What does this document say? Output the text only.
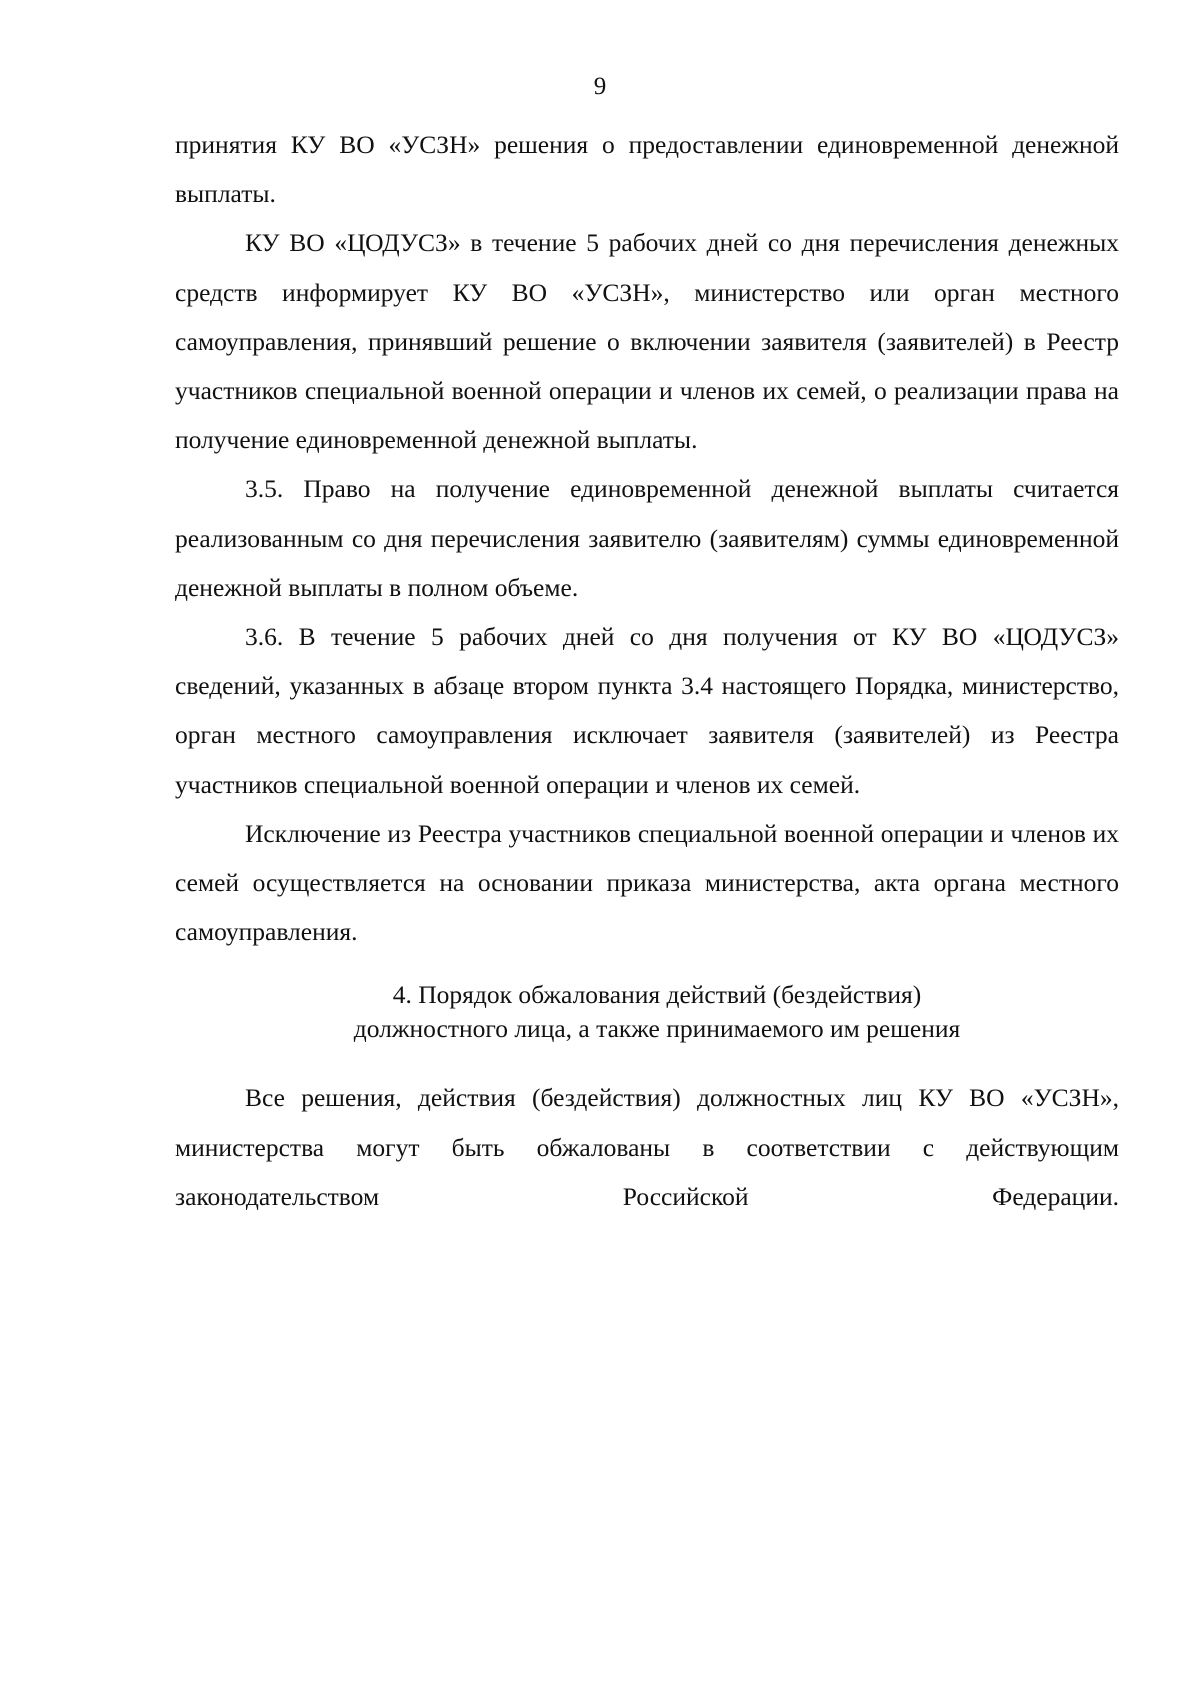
9

принятия КУ ВО «УСЗН» решения о предоставлении единовременной денежной выплаты.

КУ ВО «ЦОДУСЗ» в течение 5 рабочих дней со дня перечисления денежных средств информирует КУ ВО «УСЗН», министерство или орган местного самоуправления, принявший решение о включении заявителя (заявителей) в Реестр участников специальной военной операции и членов их семей, о реализации права на получение единовременной денежной выплаты.

3.5. Право на получение единовременной денежной выплаты считается реализованным со дня перечисления заявителю (заявителям) суммы единовременной денежной выплаты в полном объеме.

3.6. В течение 5 рабочих дней со дня получения от КУ ВО «ЦОДУСЗ» сведений, указанных в абзаце втором пункта 3.4 настоящего Порядка, министерство, орган местного самоуправления исключает заявителя (заявителей) из Реестра участников специальной военной операции и членов их семей.

Исключение из Реестра участников специальной военной операции и членов их семей осуществляется на основании приказа министерства, акта органа местного самоуправления.

4. Порядок обжалования действий (бездействия)
должностного лица, а также принимаемого им решения

Все решения, действия (бездействия) должностных лиц КУ ВО «УСЗН», министерства могут быть обжалованы в соответствии с действующим законодательством Российской Федерации.
